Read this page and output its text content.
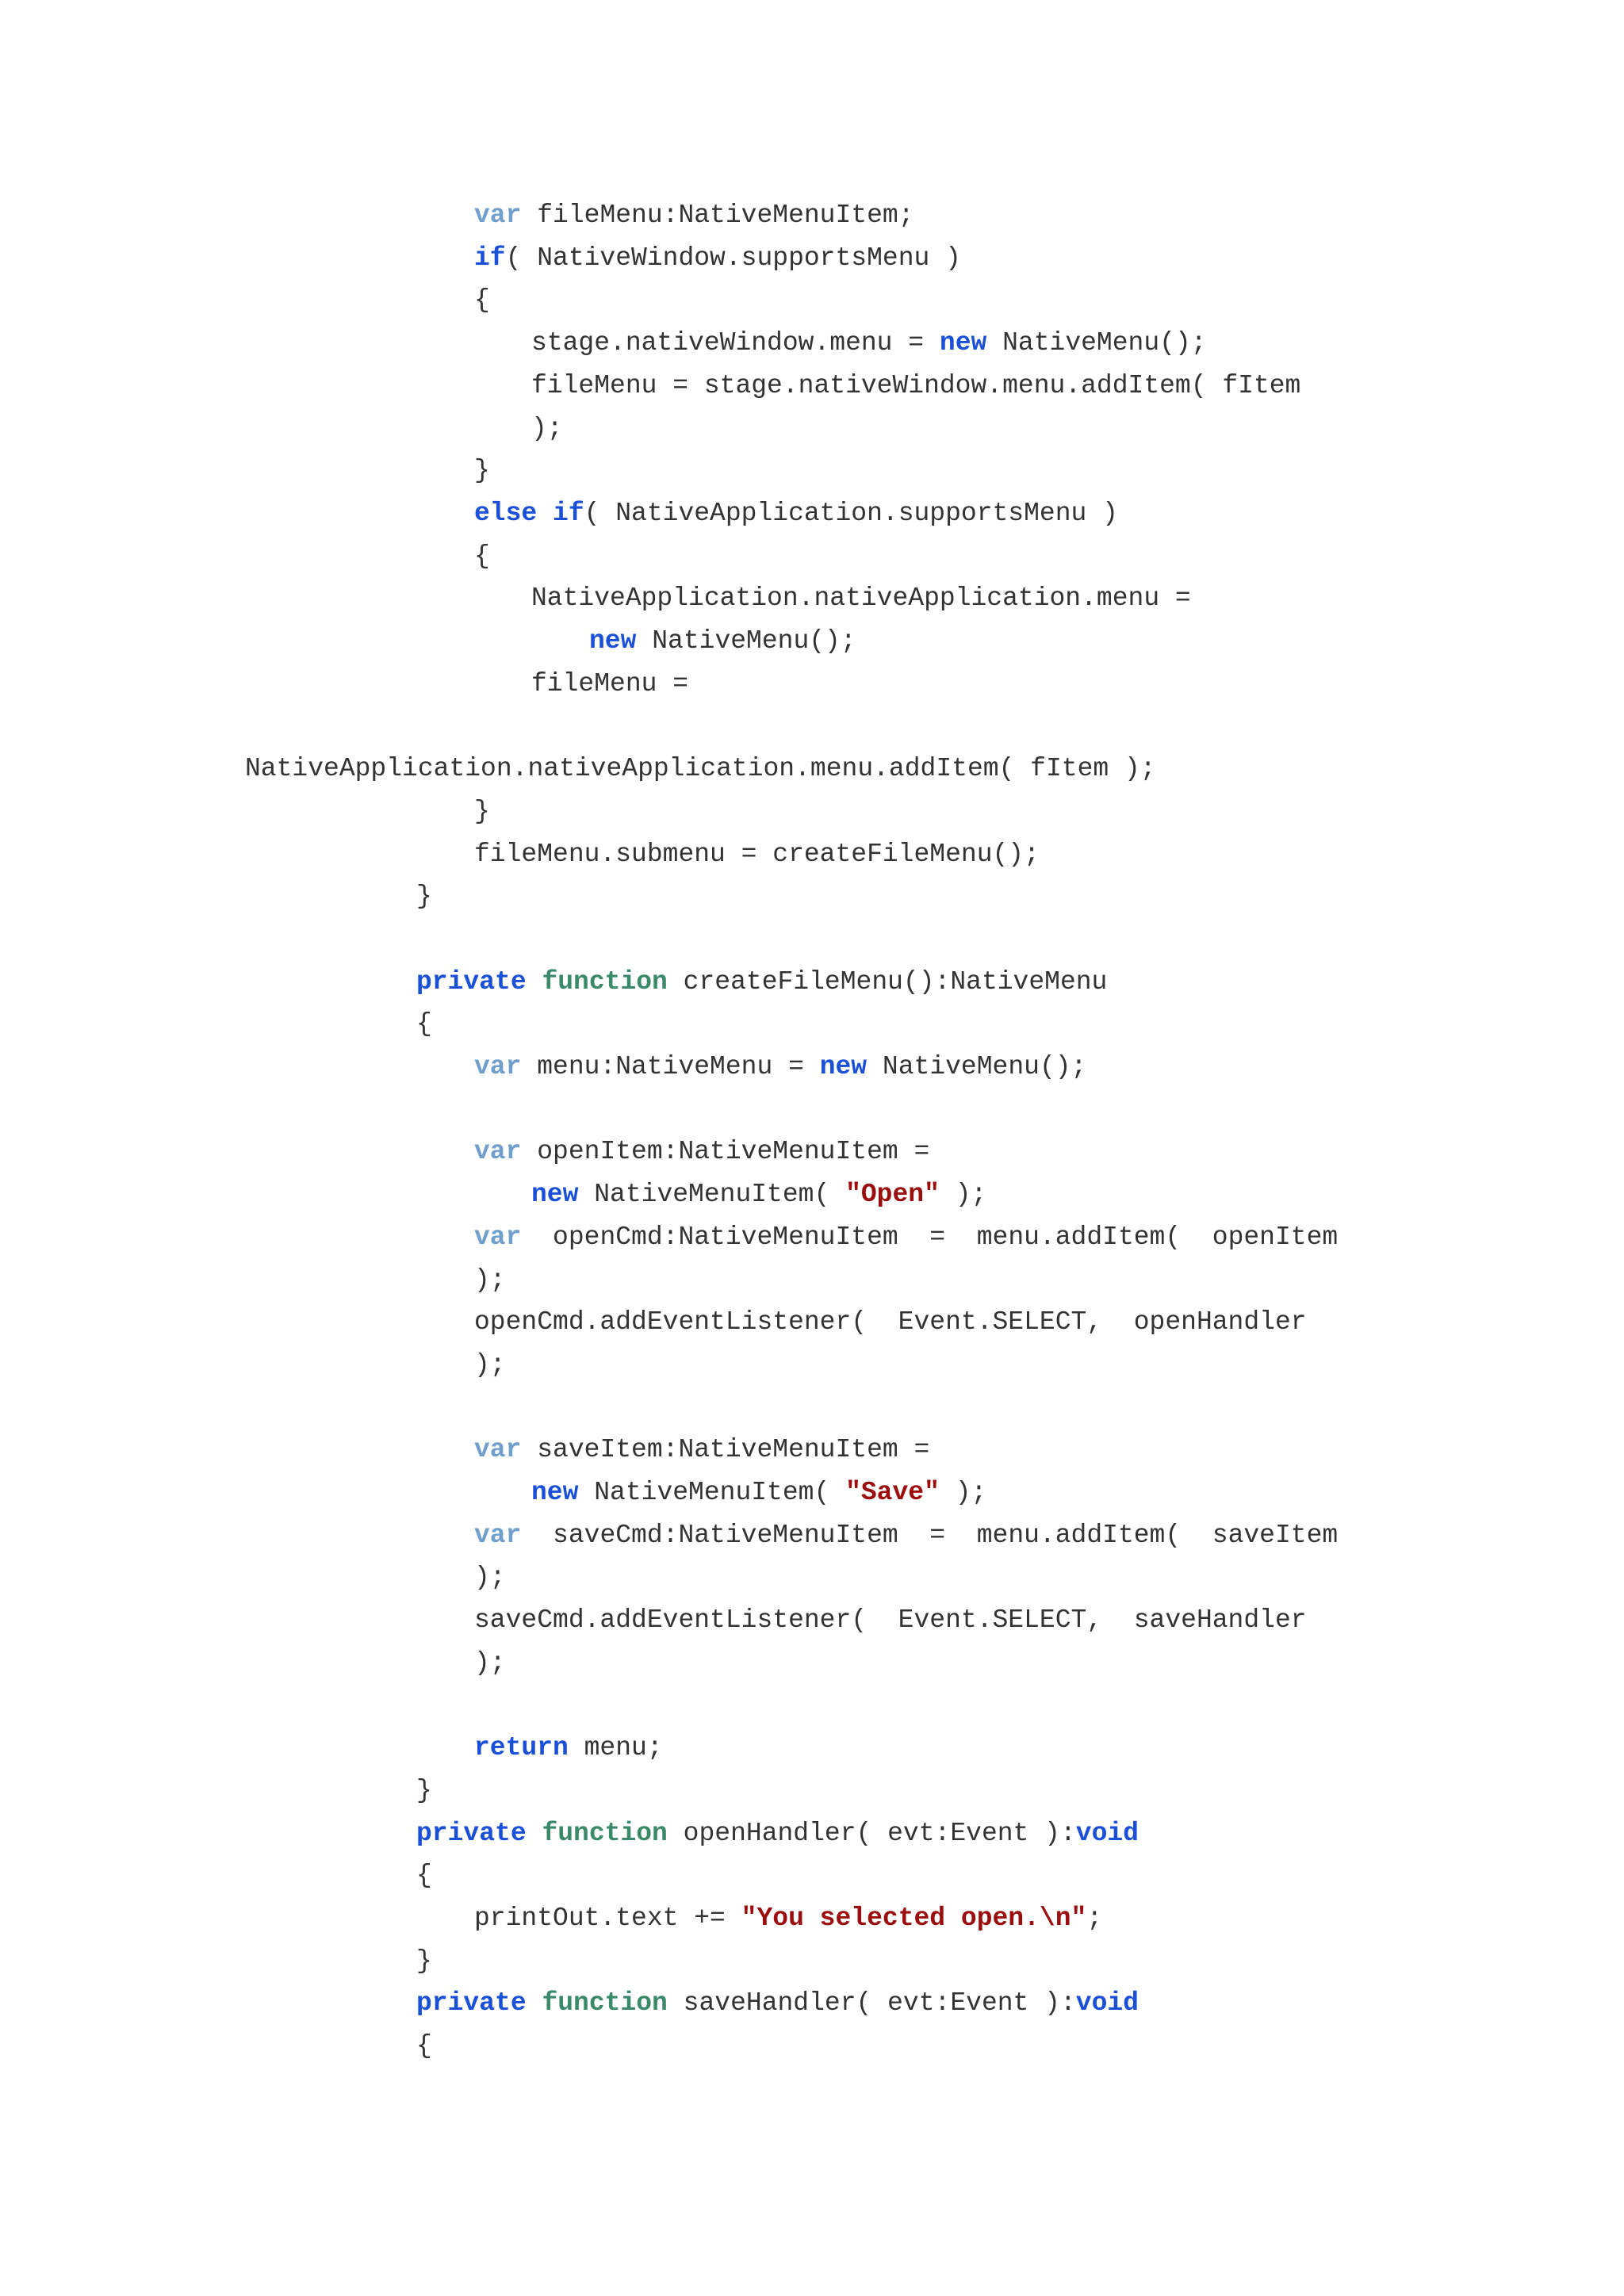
var fileMenu:NativeMenuItem;
if( NativeWindow.supportsMenu )
{
stage.nativeWindow.menu = new NativeMenu();
fileMenu = stage.nativeWindow.menu.addItem( fItem
);
}
else if( NativeApplication.supportsMenu )
{
NativeApplication.nativeApplication.menu =
new NativeMenu();
fileMenu =
NativeApplication.nativeApplication.menu.addItem( fItem );
}
fileMenu.submenu = createFileMenu();
}
private function createFileMenu():NativeMenu
{
var menu:NativeMenu = new NativeMenu();
var openItem:NativeMenuItem =
new NativeMenuItem( "Open" );
var  openCmd:NativeMenuItem  =  menu.addItem(  openItem
);
openCmd.addEventListener(  Event.SELECT,  openHandler
);
var saveItem:NativeMenuItem =
new NativeMenuItem( "Save" );
var  saveCmd:NativeMenuItem  =  menu.addItem(  saveItem
);
saveCmd.addEventListener(  Event.SELECT,  saveHandler
);
return menu;
}
private function openHandler( evt:Event ):void
{
printOut.text += "You selected open.\n";
}
private function saveHandler( evt:Event ):void
{
